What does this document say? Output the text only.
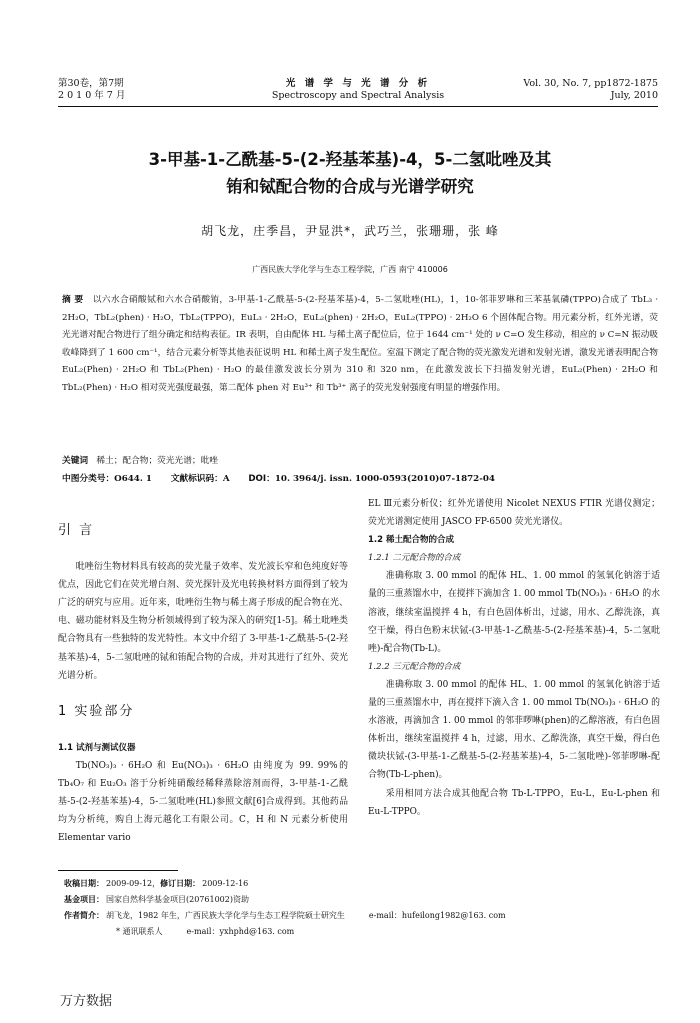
第30卷，第7期
2 0 1 0 年 7 月
光 谱 学 与 光 谱 分 析
Spectroscopy and Spectral Analysis
Vol. 30, No. 7, pp1872-1875
July, 2010
3-甲基-1-乙酰基-5-(2-羟基苯基)-4，5-二氢吡唑及其
铕和铽配合物的合成与光谱学研究
胡飞龙，庄季昌，尹显洪*，武巧兰，张珊珊，张 峰
广西民族大学化学与生态工程学院，广西 南宁 410006
摘 要 以六水合硝酸铽和六水合硝酸铕，3-甲基-1-乙酰基-5-(2-羟基苯基)-4，5-二氢吡唑(HL)，1，10-邻菲罗啉和三苯基氧磷(TPPO)合成了 TbL₃ · 2H₂O，TbL₂(phen) · H₂O，TbL₂(TPPO)，EuL₃ · 2H₂O，EuL₂(phen) · 2H₂O，EuL₂(TPPO) · 2H₂O 6 个固体配合物。用元素分析，红外光谱，荧光光谱对配合物进行了组分确定和结构表征。IR 表明，自由配体 HL 与稀土离子配位后，位于 1644 cm⁻¹ 处的 ν C=O 发生移动，相应的 ν C=N 振动吸收峰降到了 1 600 cm⁻¹，结合元素分析等其他表征说明 HL 和稀土离子发生配位。室温下测定了配合物的荧光激发光谱和发射光谱，激发光谱表明配合物 EuL₂(Phen) · 2H₂O 和 TbL₂(Phen) · H₂O 的最佳激发波长分别为 310 和 320 nm，在此激发波长下扫描发射光谱，EuL₂(Phen) · 2H₂O 和 TbL₂(Phen) · H₂O 相对荧光强度最强，第二配体 phen 对 Eu³⁺ 和 Tb³⁺ 离子的荧光发射强度有明显的增强作用。
关键词 稀土；配合物；荧光光谱；吡唑
中图分类号：O644. 1 文献标识码：A DOI：10. 3964/j. issn. 1000-0593(2010)07-1872-04
引 言

吡唑衍生物材料具有较高的荧光量子效率、发光波长窄和色纯度好等优点，因此它们在荧光增白剂、荧光探针及光电转换材料方面得到了较为广泛的研究与应用。近年来，吡唑衍生物与稀土离子形成的配合物在光、电、磁功能材料及生物分析领域得到了较为深入的研究[1-5]。稀土吡唑类配合物具有一些独特的发光特性。本文中介绍了 3-甲基-1-乙酰基-5-(2-羟基苯基)-4，5-二氢吡唑的铽和铕配合物的合成，并对其进行了红外、荧光光谱分析。

1 实验部分
1.1 试剂与测试仪器

Tb(NO₃)₃ · 6H₂O 和 Eu(NO₃)₃ · 6H₂O 由纯度为 99. 99%的 Tb₄O₇ 和 Eu₂O₃ 溶于分析纯硝酸经稀释蒸除溶剂而得，3-甲基-1-乙酰基-5-(2-羟基苯基)-4，5-二氢吡唑(HL)参照文献[6]合成得到。其他药品均为分析纯，购自上海元越化工有限公司。C，H 和 N 元素分析使用 Elementar vario

EL Ⅲ元素分析仪；红外光谱使用 Nicolet NEXUS FTIR 光谱仪测定；荧光光谱测定使用 JASCO FP-6500 荧光光谱仪。

1.2 稀土配合物的合成
1.2.1 二元配合物的合成

准确称取 3. 00 mmol 的配体 HL、1. 00 mmol 的氢氧化钠溶于适量的三重蒸馏水中，在搅拌下滴加含 1. 00 mmol Tb(NO₃)₃ · 6H₂O 的水溶液，继续室温搅拌 4 h，有白色固体析出，过滤，用水、乙醇洗涤，真空干燥，得白色粉末状铽-(3-甲基-1-乙酰基-5-(2-羟基苯基)-4，5-二氢吡唑)-配合物(Tb-L)。

1.2.2 三元配合物的合成

准确称取 3. 00 mmol 的配体 HL、1. 00 mmol 的氢氧化钠溶于适量的三重蒸馏水中，再在搅拌下滴入含 1. 00 mmol Tb(NO₃)₃ · 6H₂O 的水溶液，再滴加含 1. 00 mmol 的邻菲啰啉(phen)的乙醇溶液，有白色固体析出，继续室温搅拌 4 h，过滤，用水、乙醇洗涤，真空干燥，得白色微块状铽-(3-甲基-1-乙酰基-5-(2-羟基苯基)-4，5-二氢吡唑)-邻菲啰啉-配合物(Tb-L-phen)。

采用相同方法合成其他配合物 Tb-L-TPPO，Eu-L，Eu-L-phen 和 Eu-L-TPPO。

收稿日期： 2009-09-12，修订日期： 2009-12-16
基金项目： 国家自然科学基金项目(20761002)资助
作者简介： 胡飞龙，1982 年生，广西民族大学化学与生态工程学院硕士研究生	e-mail：hufeilong1982@163. com
* 通讯联系人	e-mail：yxhphd@163. com
万方数据
